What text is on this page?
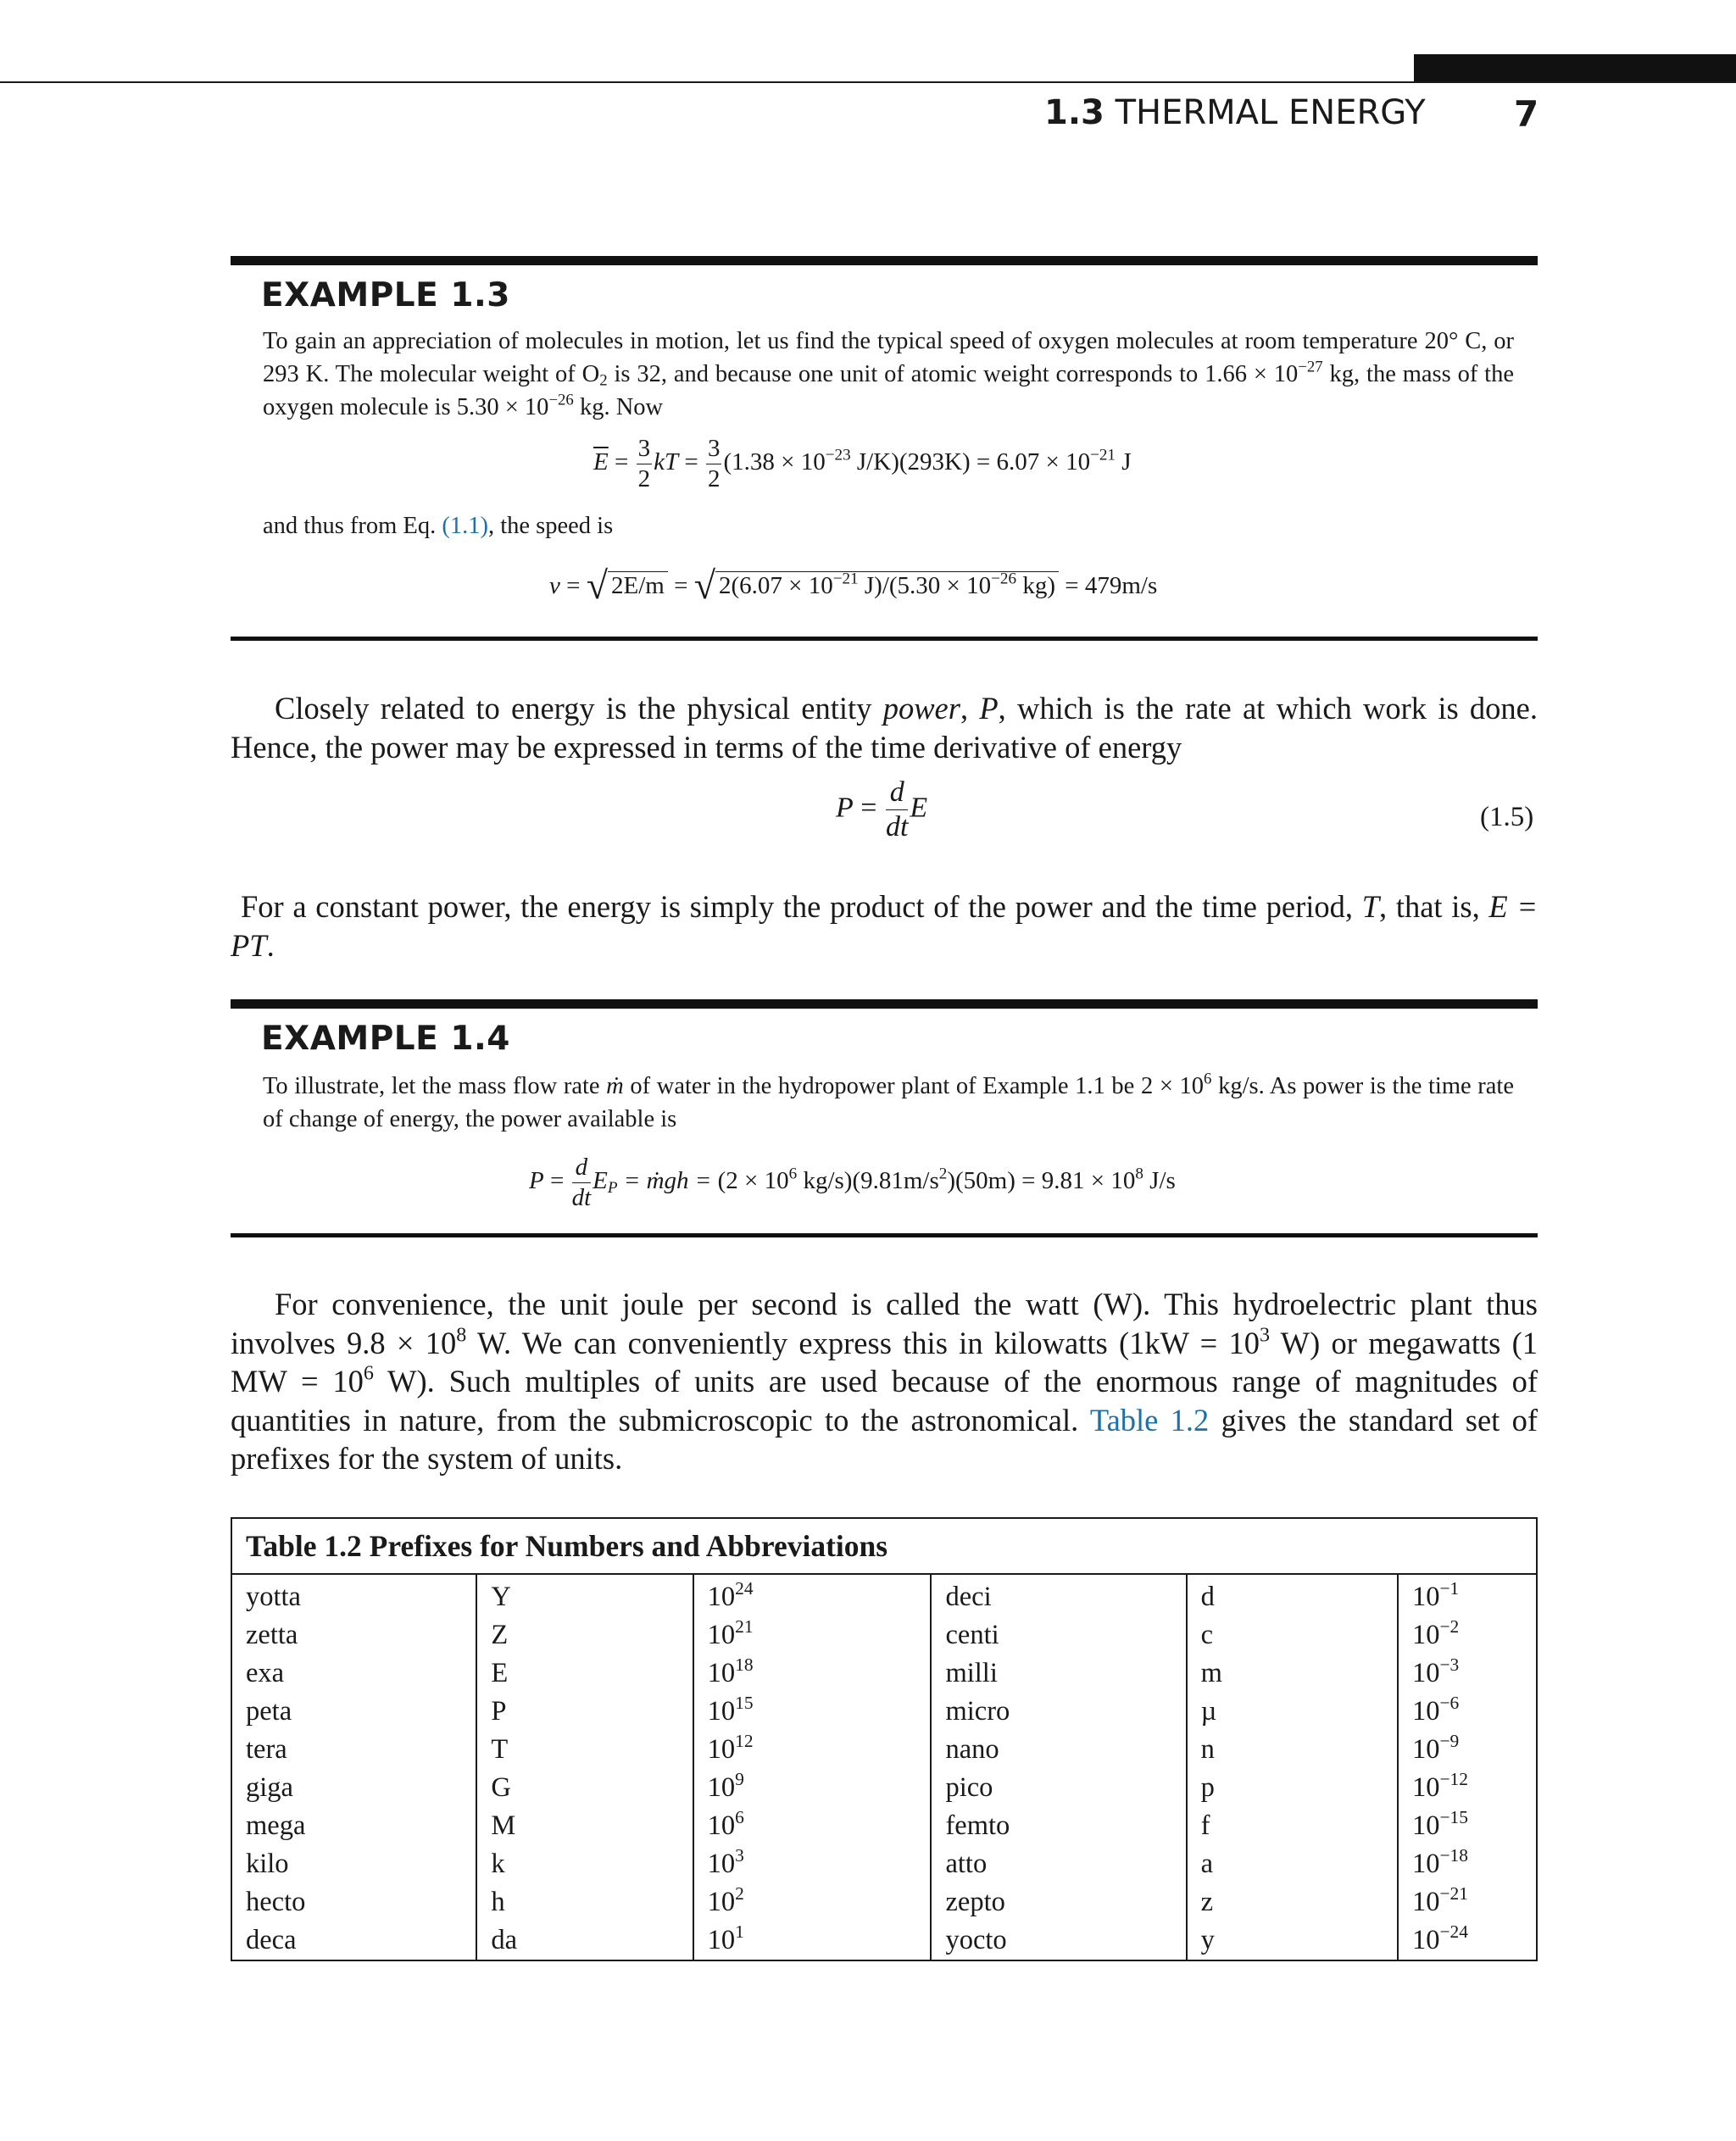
1.3 THERMAL ENERGY 7
EXAMPLE 1.3
To gain an appreciation of molecules in motion, let us find the typical speed of oxygen molecules at room temperature 20° C, or 293 K. The molecular weight of $O_2$ is 32, and because one unit of atomic weight corresponds to $1.66 \times 10^{-27}$ kg, the mass of the oxygen molecule is $5.30 \times 10^{-26}$ kg. Now
$\overline{E} = \frac{3}{2}$ kT = $\frac{3}{2} (1.38 \times 10^{-23}$ $J/K)(293K) = 6.07 \times 10^{-21}$ J
and thus from Eq. (1.1), the speed is
v = √ 2E/m = √ $2(6.07 \times 10^{-21}$ $J)/(5.30 \times 10^{-26}$ kg) = 479m/s
Closely related to energy is the physical entity power, P, which is the rate at which work is done. Hence, the power may be expressed in terms of the time derivative of energy
$P = \frac{d}{dt}$ E	(1.5)
For a constant power, the energy is simply the product of the power and the time period, T, that is, E = PT.
EXAMPLE 1.4
To illustrate, let the mass flow rate ṁ of water in the hydropower plant of Example 1.1 be $2 \times 10^6$ kg/s. As power is the time rate of change of energy, the power available is
$P = \frac{d}{dt} E_P$ = ṁgh = ($2 \times 10^6$ $kg/s)(9.81m/s^2)(50m) = 9.81 \times 10^8$ J/s
For convenience, the unit joule per second is called the watt (W). This hydroelectric plant thus involves $9.8 \times 10^8$ W. We can conveniently express this in kilowatts ($1kW = 10^3$ W) or megawatts (1 MW = $10^6$ W). Such multiples of units are used because of the enormous range of magnitudes of quantities in nature, from the submicroscopic to the astronomical. Table 1.2 gives the standard set of prefixes for the system of units.
Table 1.2 Prefixes for Numbers and Abbreviations					
yotta	Y	$10^{24}$	deci	d	$10^{-1}$
zetta	Z	$10^{21}$	centi	c	$10^{-2}$
exa	E	$10^{18}$	milli	m	$10^{-3}$
peta	P	$10^{15}$	micro	µ	$10^{-6}$
tera	T	$10^{12}$	nano	n	$10^{-9}$
giga	G	$10^9$	pico	p	$10^{-12}$
mega	M	$10^6$	femto	f	$10^{-15}$
kilo	k	$10^3$	atto	a	$10^{-18}$
hecto	h	$10^2$	zepto	z	$10^{-21}$
deca	da	$10^1$	yocto	y	$10^{-24}$
